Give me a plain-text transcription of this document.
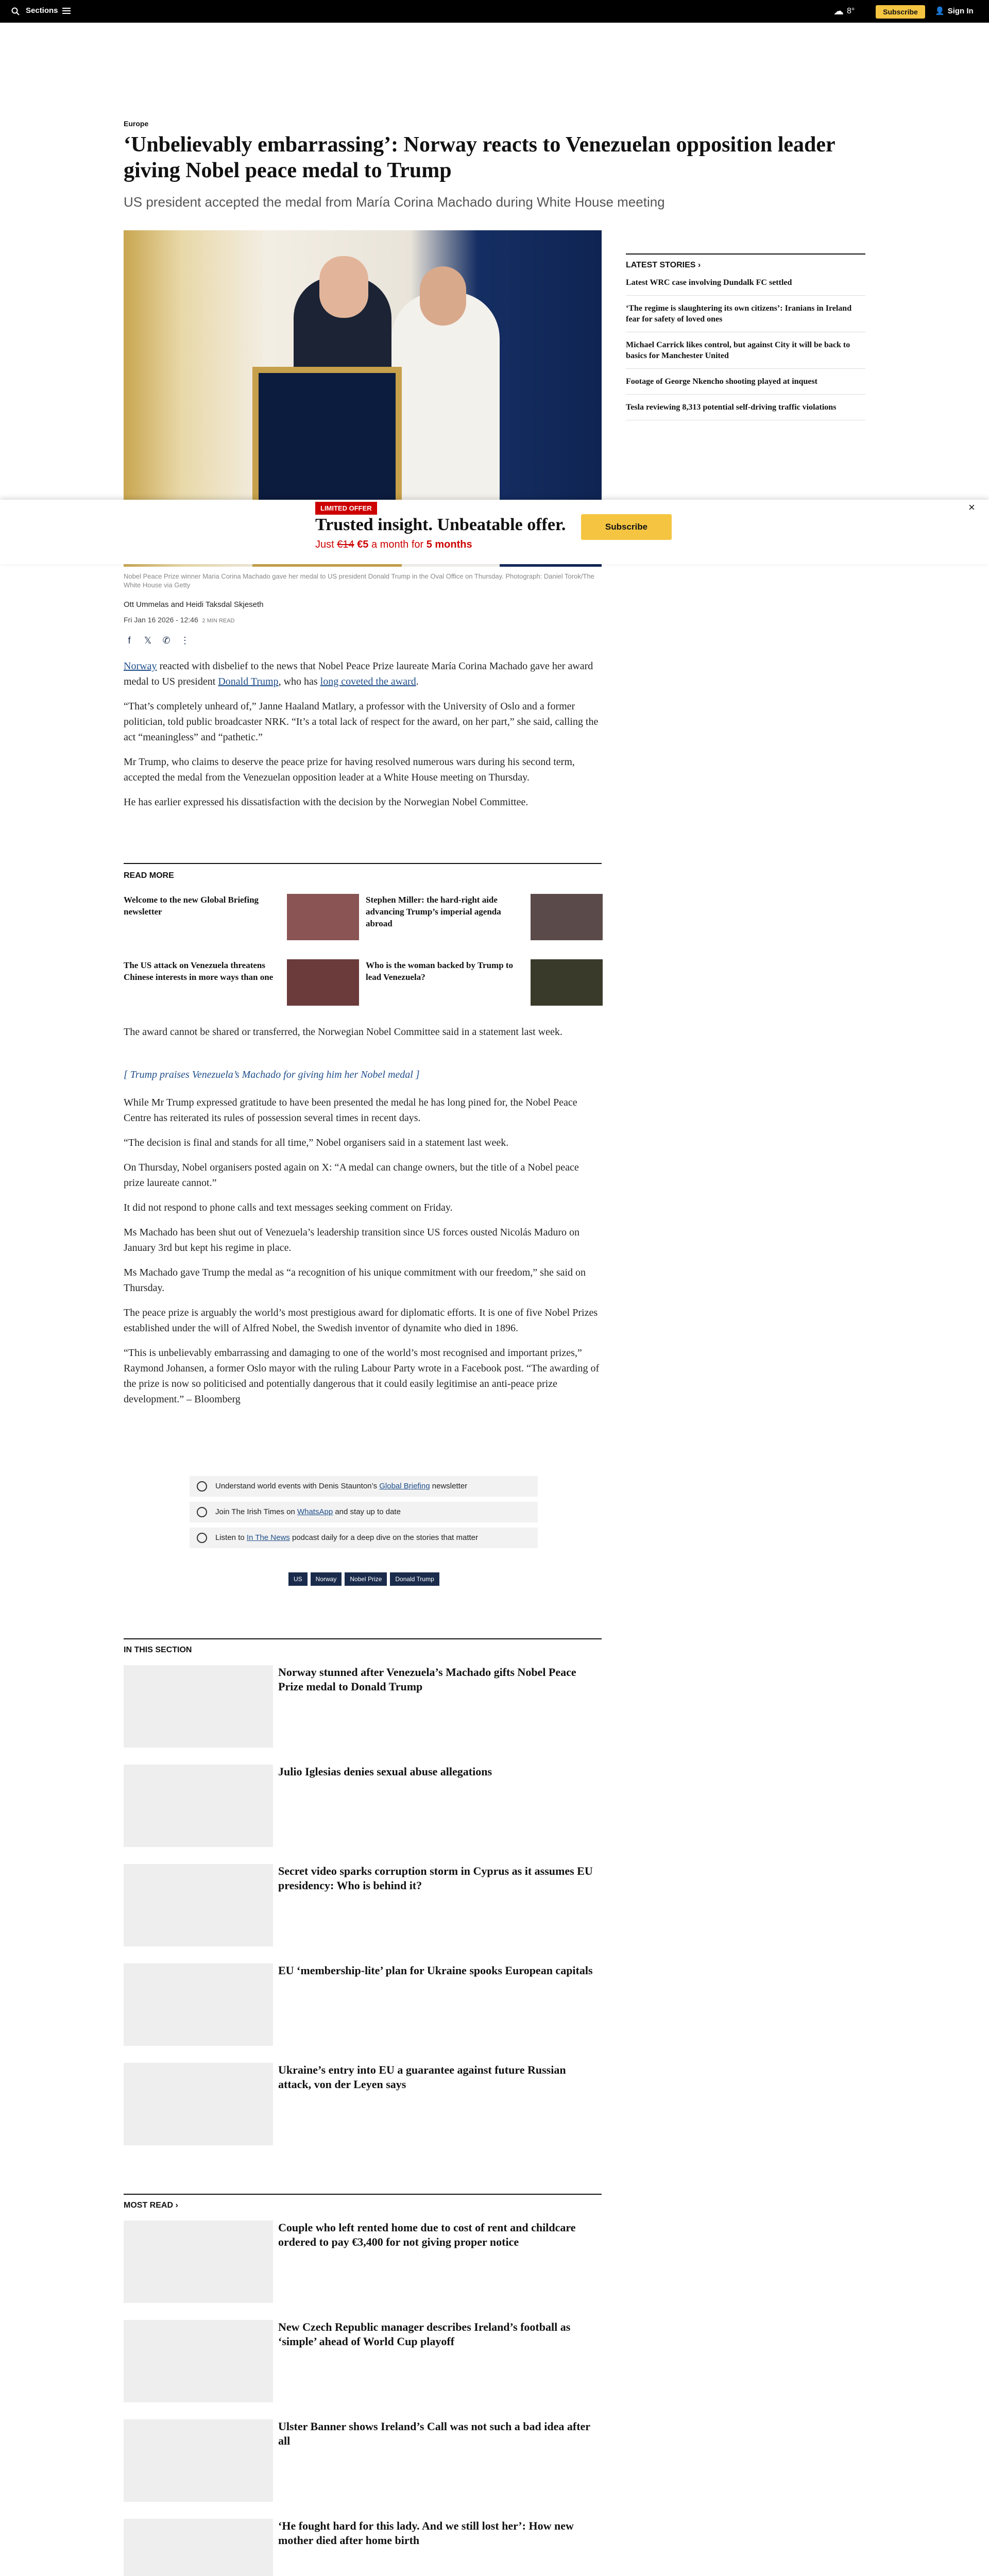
Sections	☁ 8°	Subscribe	👤 Sign In
Europe
‘Unbelievably embarrassing’: Norway reacts to Venezuelan opposition leader giving Nobel peace medal to Trump
US president accepted the medal from María Corina Machado during White House meeting
LATEST STORIES ›
Latest WRC case involving Dundalk FC settled
‘The regime is slaughtering its own citizens’: Iranians in Ireland fear for safety of loved ones
Michael Carrick likes control, but against City it will be back to basics for Manchester United
Footage of George Nkencho shooting played at inquest
Tesla reviewing 8,313 potential self-driving traffic violations
LIMITED OFFER
Trusted insight. Unbeatable offer.
Just €14 €5 a month for 5 months
Subscribe
×
Nobel Peace Prize winner Maria Corina Machado gave her medal to US president Donald Trump in the Oval Office on Thursday. Photograph: Daniel Torok/The White House via Getty
Ott Ummelas and Heidi Taksdal Skjeseth
Fri Jan 16 2026 - 12:46 2 MIN READ
f	𝕏 ✆ ⋮

Norway reacted with disbelief to the news that Nobel Peace Prize laureate María Corina Machado gave her award medal to US president Donald Trump, who has long coveted the award.

“That’s completely unheard of,” Janne Haaland Matlary, a professor with the University of Oslo and a former politician, told public broadcaster NRK. “It’s a total lack of respect for the award, on her part,” she said, calling the act “meaningless” and “pathetic.”

Mr Trump, who claims to deserve the peace prize for having resolved numerous wars during his second term, accepted the medal from the Venezuelan opposition leader at a White House meeting on Thursday.

He has earlier expressed his dissatisfaction with the decision by the Norwegian Nobel Committee.

READ MORE
Welcome to the new Global Briefing newsletter
Stephen Miller: the hard-right aide advancing Trump’s imperial agenda abroad
The US attack on Venezuela threatens Chinese interests in more ways than one
Who is the woman backed by Trump to lead Venezuela?

The award cannot be shared or transferred, the Norwegian Nobel Committee said in a statement last week.

[ Trump praises Venezuela’s Machado for giving him her Nobel medal ]

While Mr Trump expressed gratitude to have been presented the medal he has long pined for, the Nobel Peace Centre has reiterated its rules of possession several times in recent days.

“The decision is final and stands for all time,” Nobel organisers said in a statement last week.

On Thursday, Nobel organisers posted again on X: “A medal can change owners, but the title of a Nobel peace prize laureate cannot.”

It did not respond to phone calls and text messages seeking comment on Friday.

Ms Machado has been shut out of Venezuela’s leadership transition since US forces ousted Nicolás Maduro on January 3rd but kept his regime in place.

Ms Machado gave Trump the medal as “a recognition of his unique commitment with our freedom,” she said on Thursday.

The peace prize is arguably the world’s most prestigious award for diplomatic efforts. It is one of five Nobel Prizes established under the will of Alfred Nobel, the Swedish inventor of dynamite who died in 1896.

“This is unbelievably embarrassing and damaging to one of the world’s most recognised and important prizes,” Raymond Johansen, a former Oslo mayor with the ruling Labour Party wrote in a Facebook post. “The awarding of the prize is now so politicised and potentially dangerous that it could easily legitimise an anti-peace prize development.” – Bloomberg

Understand world events with Denis Staunton’s Global Briefing newsletter
Join The Irish Times on WhatsApp and stay up to date
Listen to In The News podcast daily for a deep dive on the stories that matter
US	Norway	Nobel Prize	Donald Trump
IN THIS SECTION
Norway stunned after Venezuela’s Machado gifts Nobel Peace Prize medal to Donald Trump
Julio Iglesias denies sexual abuse allegations
Secret video sparks corruption storm in Cyprus as it assumes EU presidency: Who is behind it?
EU ‘membership-lite’ plan for Ukraine spooks European capitals
Ukraine’s entry into EU a guarantee against future Russian attack, von der Leyen says
MOST READ ›
Couple who left rented home due to cost of rent and childcare ordered to pay €3,400 for not giving proper notice
New Czech Republic manager describes Ireland’s football as ‘simple’ ahead of World Cup playoff
Ulster Banner shows Ireland’s Call was not such a bad idea after all
‘He fought hard for this lady. And we still lost her’: How new mother died after home birth
